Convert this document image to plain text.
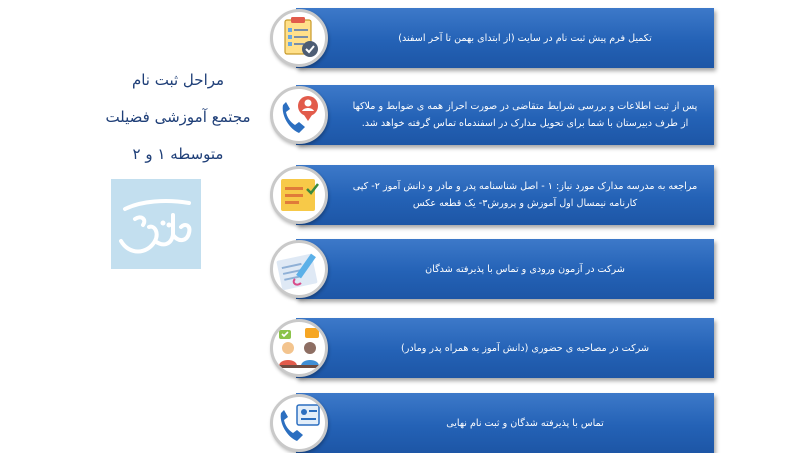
مراحل ثبت نام
مجتمع آموزشی فضیلت
متوسطه ۱ و ۲
تکمیل فرم پیش ثبت نام در سایت (از ابتدای بهمن تا آخر اسفند)
پس از ثبت اطلاعات و بررسی شرایط متقاضی در صورت احراز همه ی ضوابط و ملاکها از طرف دبیرستان با شما برای تحویل مدارک در اسفندماه تماس گرفته خواهد شد.
مراجعه به مدرسه مدارک مورد نیاز: ۱ - اصل شناسنامه پدر و مادر و دانش آموز ۲- کپی کارنامه نیمسال اول آموزش و پرورش۳- یک قطعه عکس
شرکت در آزمون ورودی و تماس با پذیرفته شدگان
شرکت در مصاحبه ی حضوری (دانش آموز به همراه پدر ومادر)
تماس با پذیرفته شدگان و ثبت نام نهایی
